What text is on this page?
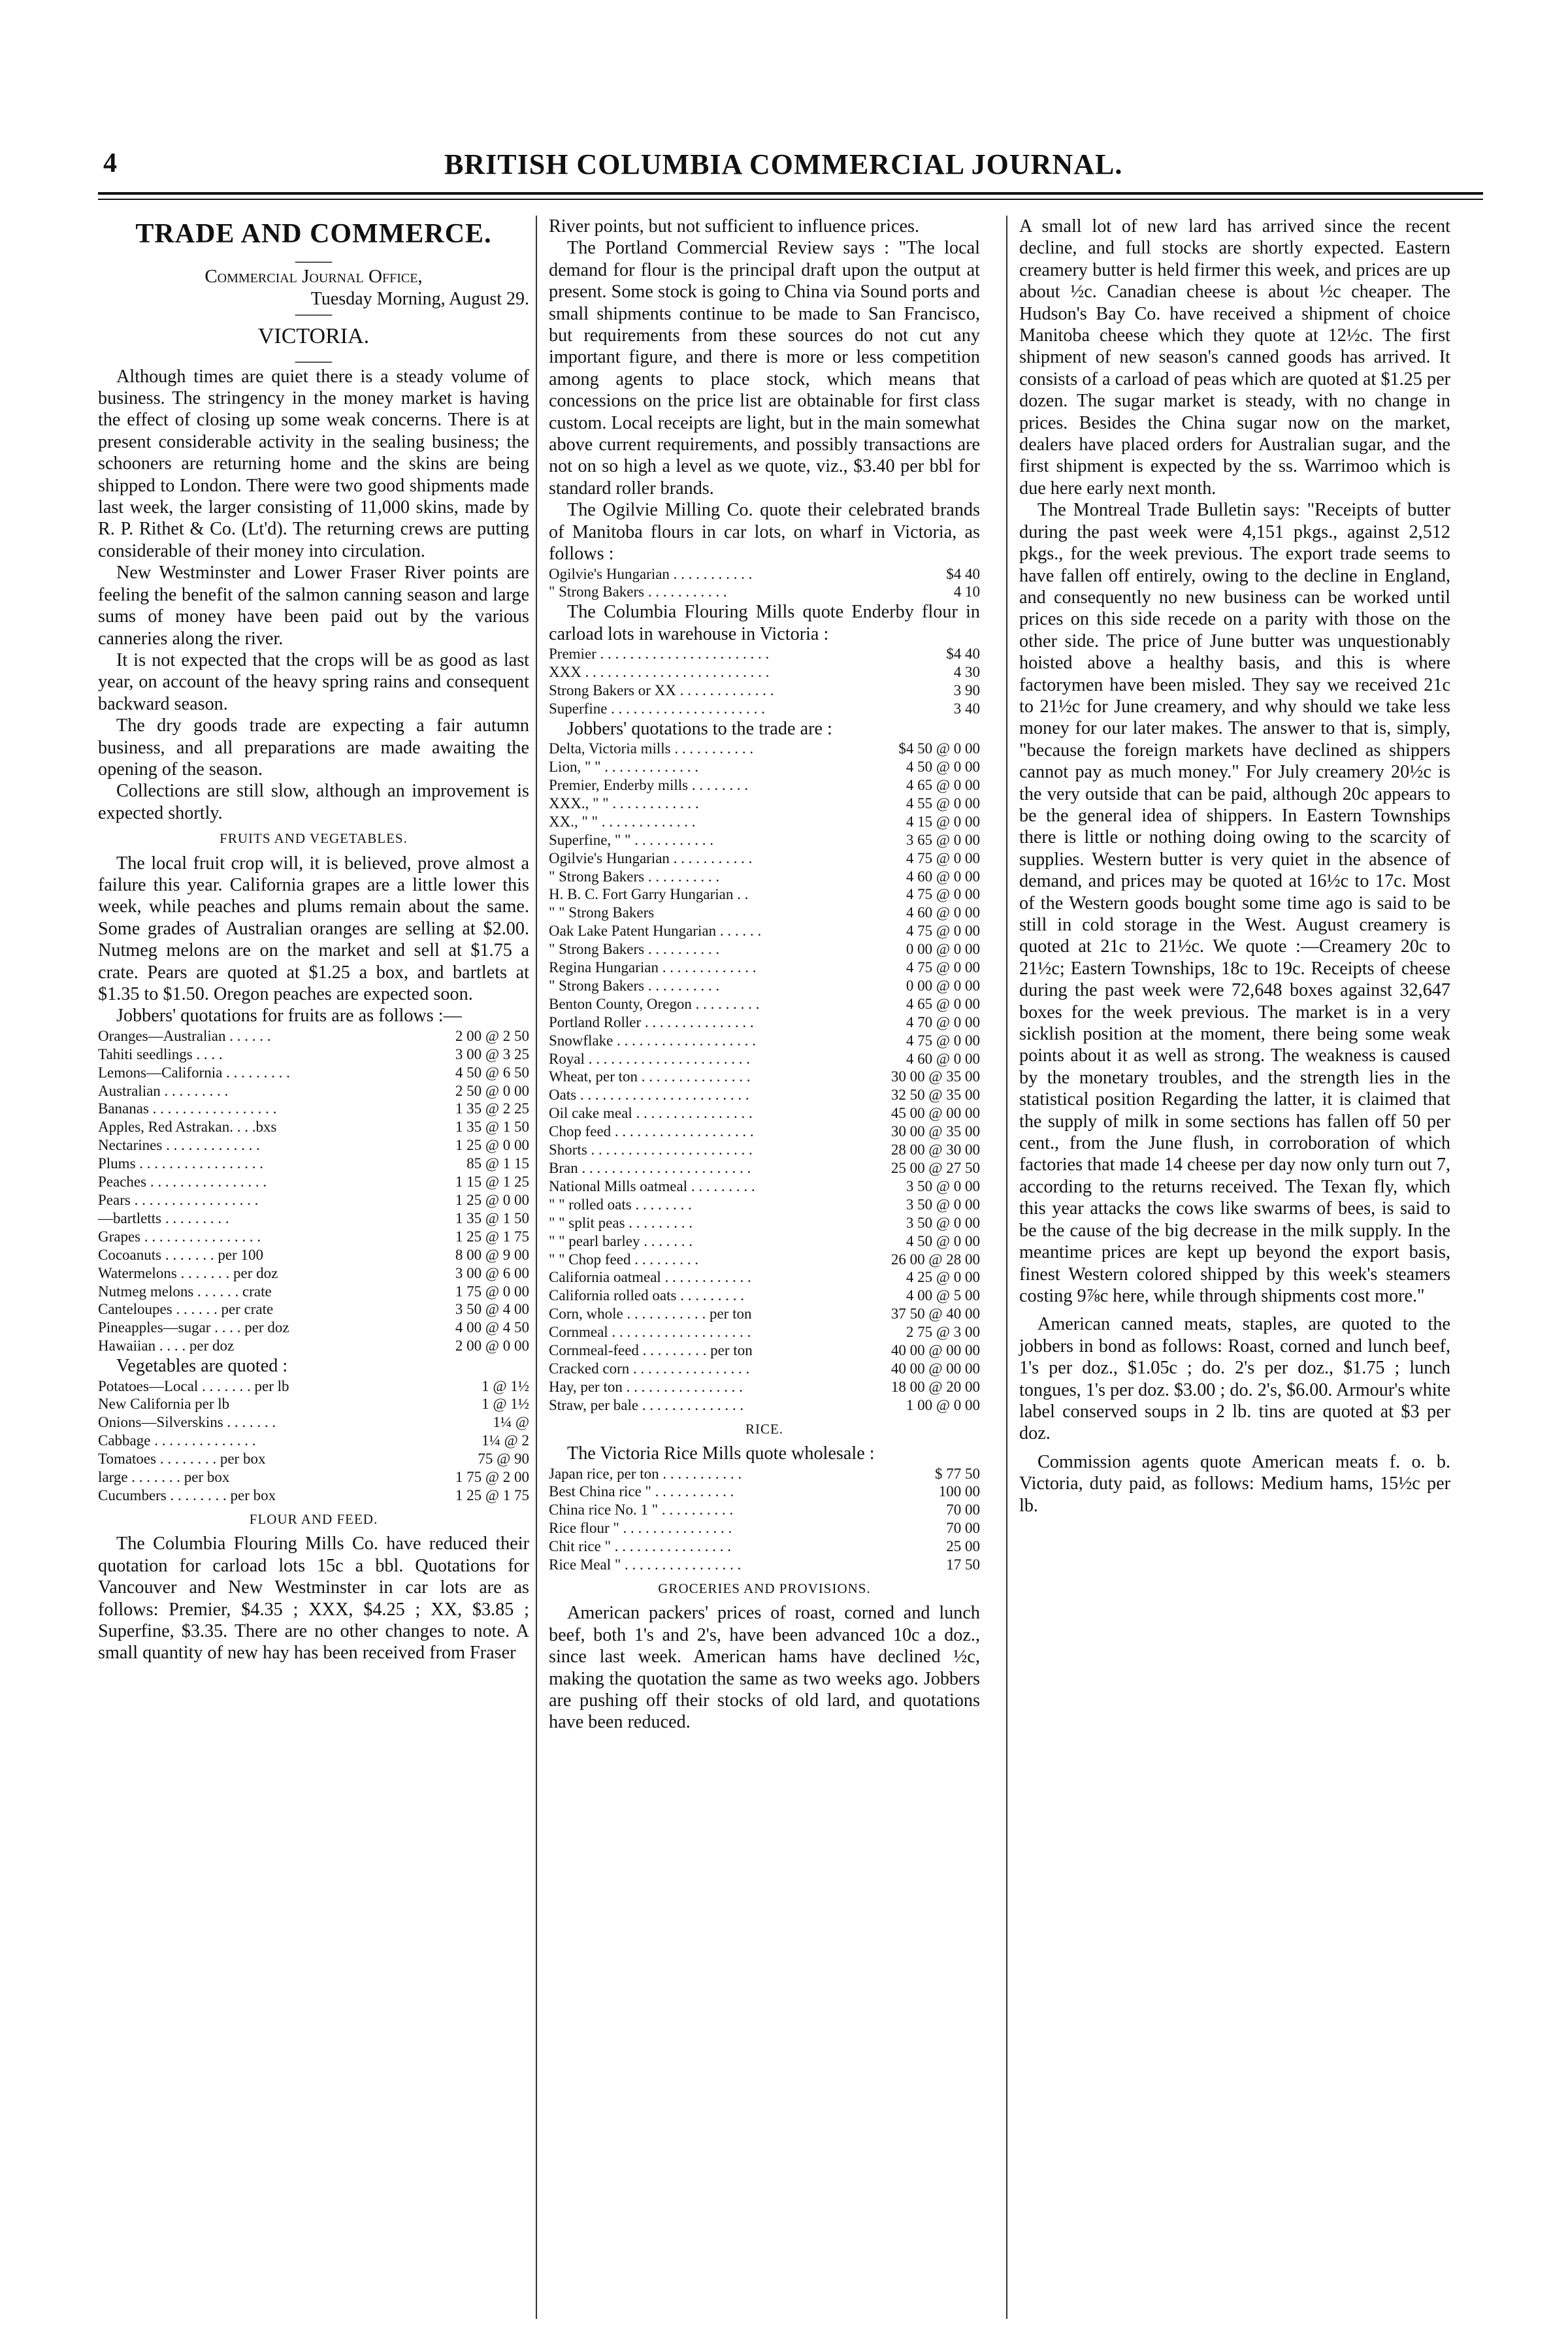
4	BRITISH COLUMBIA COMMERCIAL JOURNAL.
TRADE AND COMMERCE.
——
Commercial Journal Office,
Tuesday Morning, August 29.
——
VICTORIA.
——

Although times are quiet there is a steady volume of business. The stringency in the money market is having the effect of closing up some weak concerns. There is at present considerable activity in the sealing business; the schooners are returning home and the skins are being shipped to London. There were two good shipments made last week, the larger consisting of 11,000 skins, made by R. P. Rithet & Co. (Lt'd). The returning crews are putting considerable of their money into circulation.

New Westminster and Lower Fraser River points are feeling the benefit of the salmon canning season and large sums of money have been paid out by the various canneries along the river.

It is not expected that the crops will be as good as last year, on account of the heavy spring rains and consequent backward season.

The dry goods trade are expecting a fair autumn business, and all preparations are made awaiting the opening of the season.

Collections are still slow, although an improvement is expected shortly.

FRUITS AND VEGETABLES.

The local fruit crop will, it is believed, prove almost a failure this year. California grapes are a little lower this week, while peaches and plums remain about the same. Some grades of Australian oranges are selling at $2.00. Nutmeg melons are on the market and sell at $1.75 a crate. Pears are quoted at $1.25 a box, and bartlets at $1.35 to $1.50. Oregon peaches are expected soon.

Jobbers' quotations for fruits are as follows :—

Oranges—Australian . . . . . .	2 00 @ 2 50
Tahiti seedlings . . . .	3 00 @ 3 25
Lemons—California . . . . . . . . .	4 50 @ 6 50
Australian . . . . . . . . .	2 50 @ 0 00
Bananas . . . . . . . . . . . . . . . . .	1 35 @ 2 25
Apples, Red Astrakan. . . .bxs	1 35 @ 1 50
Nectarines . . . . . . . . . . . . .	1 25 @ 0 00
Plums . . . . . . . . . . . . . . . . .	85 @ 1 15
Peaches . . . . . . . . . . . . . . . .	1 15 @ 1 25
Pears . . . . . . . . . . . . . . . . .	1 25 @ 0 00
—bartletts . . . . . . . . .	1 35 @ 1 50
Grapes . . . . . . . . . . . . . . . .	1 25 @ 1 75
Cocoanuts . . . . . . . per 100	8 00 @ 9 00
Watermelons . . . . . . . per doz	3 00 @ 6 00
Nutmeg melons . . . . . . crate	1 75 @ 0 00
Canteloupes . . . . . . per crate	3 50 @ 4 00
Pineapples—sugar . . . . per doz	4 00 @ 4 50
Hawaiian . . . . per doz	2 00 @ 0 00

Vegetables are quoted :

Potatoes—Local . . . . . . . per lb	1 @ 1½
New California per lb	1 @ 1½
Onions—Silverskins . . . . . . .	1¼ @
Cabbage . . . . . . . . . . . . . .	1¼ @ 2
Tomatoes . . . . . . . . per box	75 @ 90
large . . . . . . . per box	1 75 @ 2 00
Cucumbers . . . . . . . . per box	1 25 @ 1 75
FLOUR AND FEED.

The Columbia Flouring Mills Co. have reduced their quotation for carload lots 15c a bbl. Quotations for Vancouver and New Westminster in car lots are as follows: Premier, $4.35 ; XXX, $4.25 ; XX, $3.85 ; Superfine, $3.35. There are no other changes to note. A small quantity of new hay has been received from Fraser

River points, but not sufficient to influence prices.

The Portland Commercial Review says : "The local demand for flour is the principal draft upon the output at present. Some stock is going to China via Sound ports and small shipments continue to be made to San Francisco, but requirements from these sources do not cut any important figure, and there is more or less competition among agents to place stock, which means that concessions on the price list are obtainable for first class custom. Local receipts are light, but in the main somewhat above current requirements, and possibly transactions are not on so high a level as we quote, viz., $3.40 per bbl for standard roller brands.

The Ogilvie Milling Co. quote their celebrated brands of Manitoba flours in car lots, on wharf in Victoria, as follows :

Ogilvie's Hungarian . . . . . . . . . . .	$4 40
" Strong Bakers . . . . . . . . . . .	4 10

The Columbia Flouring Mills quote Enderby flour in carload lots in warehouse in Victoria :

Premier . . . . . . . . . . . . . . . . . . . . . . .	$4 40
XXX . . . . . . . . . . . . . . . . . . . . . . . . .	4 30
Strong Bakers or XX . . . . . . . . . . . . .	3 90
Superfine . . . . . . . . . . . . . . . . . . . . .	3 40

Jobbers' quotations to the trade are :

Delta, Victoria mills . . . . . . . . . . .	$4 50 @ 0 00
Lion, " " . . . . . . . . . . . . .	4 50 @ 0 00
Premier, Enderby mills . . . . . . . .	4 65 @ 0 00
XXX., " " . . . . . . . . . . . .	4 55 @ 0 00
XX., " " . . . . . . . . . . . . .	4 15 @ 0 00
Superfine, " " . . . . . . . . . . .	3 65 @ 0 00
Ogilvie's Hungarian . . . . . . . . . . .	4 75 @ 0 00
" Strong Bakers . . . . . . . . . .	4 60 @ 0 00
H. B. C. Fort Garry Hungarian . .	4 75 @ 0 00
" " Strong Bakers	4 60 @ 0 00
Oak Lake Patent Hungarian . . . . . .	4 75 @ 0 00
" Strong Bakers . . . . . . . . . .	0 00 @ 0 00
Regina Hungarian . . . . . . . . . . . . .	4 75 @ 0 00
" Strong Bakers . . . . . . . . . .	0 00 @ 0 00
Benton County, Oregon . . . . . . . . .	4 65 @ 0 00
Portland Roller . . . . . . . . . . . . . . .	4 70 @ 0 00
Snowflake . . . . . . . . . . . . . . . . . . .	4 75 @ 0 00
Royal . . . . . . . . . . . . . . . . . . . . . .	4 60 @ 0 00
Wheat, per ton . . . . . . . . . . . . . . .	30 00 @ 35 00
Oats . . . . . . . . . . . . . . . . . . . . . . .	32 50 @ 35 00
Oil cake meal . . . . . . . . . . . . . . . .	45 00 @ 00 00
Chop feed . . . . . . . . . . . . . . . . . . .	30 00 @ 35 00
Shorts . . . . . . . . . . . . . . . . . . . . . .	28 00 @ 30 00
Bran . . . . . . . . . . . . . . . . . . . . . . .	25 00 @ 27 50
National Mills oatmeal . . . . . . . . .	3 50 @ 0 00
" " rolled oats . . . . . . . .	3 50 @ 0 00
" " split peas . . . . . . . . .	3 50 @ 0 00
" " pearl barley . . . . . . .	4 50 @ 0 00
" " Chop feed . . . . . . . . .	26 00 @ 28 00
California oatmeal . . . . . . . . . . . .	4 25 @ 0 00
California rolled oats . . . . . . . . .	4 00 @ 5 00
Corn, whole . . . . . . . . . . . per ton	37 50 @ 40 00
Cornmeal . . . . . . . . . . . . . . . . . . .	2 75 @ 3 00
Cornmeal-feed . . . . . . . . . per ton	40 00 @ 00 00
Cracked corn . . . . . . . . . . . . . . . .	40 00 @ 00 00
Hay, per ton . . . . . . . . . . . . . . . .	18 00 @ 20 00
Straw, per bale . . . . . . . . . . . . . .	1 00 @ 0 00
RICE.

The Victoria Rice Mills quote wholesale :

Japan rice, per ton . . . . . . . . . . .	$ 77 50
Best China rice " . . . . . . . . . . .	100 00
China rice No. 1 " . . . . . . . . . .	70 00
Rice flour " . . . . . . . . . . . . . . .	70 00
Chit rice " . . . . . . . . . . . . . . . .	25 00
Rice Meal " . . . . . . . . . . . . . . . .	17 50
GROCERIES AND PROVISIONS.

American packers' prices of roast, corned and lunch beef, both 1's and 2's, have been advanced 10c a doz., since last week. American hams have declined ½c, making the quotation the same as two weeks ago. Jobbers are pushing off their stocks of old lard, and quotations have been reduced.

A small lot of new lard has arrived since the recent decline, and full stocks are shortly expected. Eastern creamery butter is held firmer this week, and prices are up about ½c. Canadian cheese is about ½c cheaper. The Hudson's Bay Co. have received a shipment of choice Manitoba cheese which they quote at 12½c. The first shipment of new season's canned goods has arrived. It consists of a carload of peas which are quoted at $1.25 per dozen. The sugar market is steady, with no change in prices. Besides the China sugar now on the market, dealers have placed orders for Australian sugar, and the first shipment is expected by the ss. Warrimoo which is due here early next month.

The Montreal Trade Bulletin says: "Receipts of butter during the past week were 4,151 pkgs., against 2,512 pkgs., for the week previous. The export trade seems to have fallen off entirely, owing to the decline in England, and consequently no new business can be worked until prices on this side recede on a parity with those on the other side. The price of June butter was unquestionably hoisted above a healthy basis, and this is where factorymen have been misled. They say we received 21c to 21½c for June creamery, and why should we take less money for our later makes. The answer to that is, simply, "because the foreign markets have declined as shippers cannot pay as much money." For July creamery 20½c is the very outside that can be paid, although 20c appears to be the general idea of shippers. In Eastern Townships there is little or nothing doing owing to the scarcity of supplies. Western butter is very quiet in the absence of demand, and prices may be quoted at 16½c to 17c. Most of the Western goods bought some time ago is said to be still in cold storage in the West. August creamery is quoted at 21c to 21½c. We quote :—Creamery 20c to 21½c; Eastern Townships, 18c to 19c. Receipts of cheese during the past week were 72,648 boxes against 32,647 boxes for the week previous. The market is in a very sicklish position at the moment, there being some weak points about it as well as strong. The weakness is caused by the monetary troubles, and the strength lies in the statistical position Regarding the latter, it is claimed that the supply of milk in some sections has fallen off 50 per cent., from the June flush, in corroboration of which factories that made 14 cheese per day now only turn out 7, according to the returns received. The Texan fly, which this year attacks the cows like swarms of bees, is said to be the cause of the big decrease in the milk supply. In the meantime prices are kept up beyond the export basis, finest Western colored shipped by this week's steamers costing 9⅞c here, while through shipments cost more."

American canned meats, staples, are quoted to the jobbers in bond as follows: Roast, corned and lunch beef, 1's per doz., $1.05c ; do. 2's per doz., $1.75 ; lunch tongues, 1's per doz. $3.00 ; do. 2's, $6.00. Armour's white label conserved soups in 2 lb. tins are quoted at $3 per doz.

Commission agents quote American meats f. o. b. Victoria, duty paid, as follows: Medium hams, 15½c per lb.
